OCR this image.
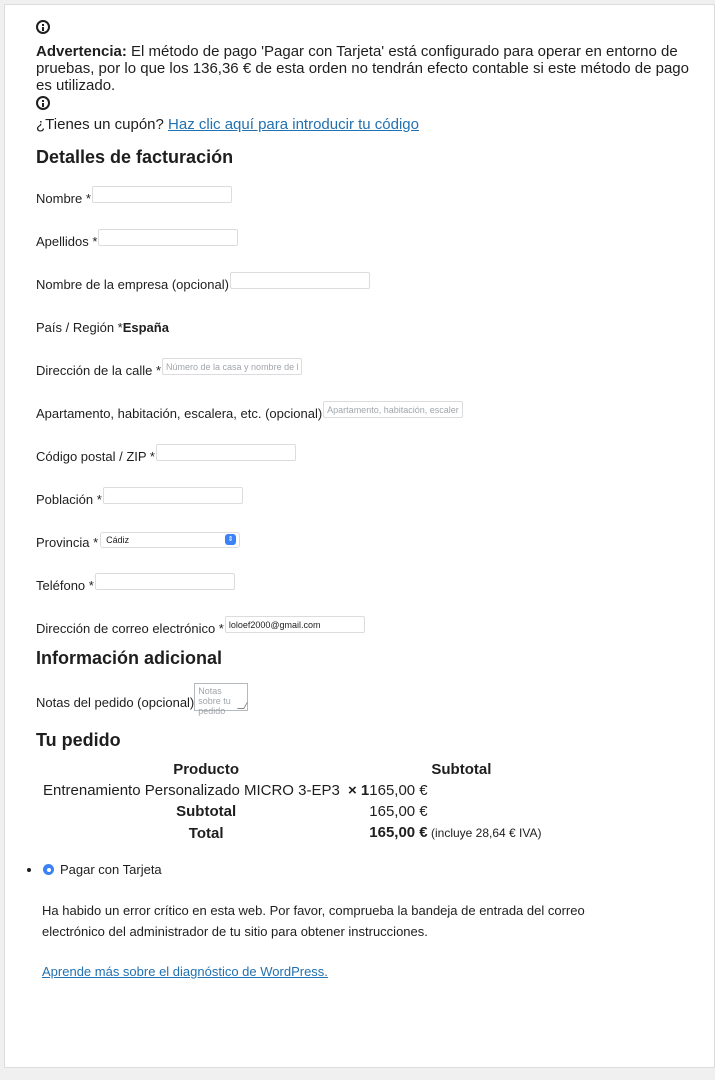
Advertencia: El método de pago 'Pagar con Tarjeta' está configurado para operar en entorno de pruebas, por lo que los 136,36 € de esta orden no tendrán efecto contable si este método de pago es utilizado.
¿Tienes un cupón? Haz clic aquí para introducir tu código
Detalles de facturación
Nombre *
Apellidos *
Nombre de la empresa (opcional)
País / Región * España
Dirección de la calle *
Número de la casa y nombre de la calle
Apartamento, habitación, escalera, etc. (opcional)
Apartamento, habitación, escalera, etc. (opcional)
Código postal / ZIP *
Población *
Provincia * Cádiz	⇕
Teléfono *
Dirección de correo electrónico *
loloef2000@gmail.com
Información adicional
Notas del pedido (opcional)
Notas sobre tu pedido
Tu pedido
Producto	Subtotal
Entrenamiento Personalizado MICRO 3-EP3 × 1	165,00 €
Subtotal	165,00 €
Total	165,00 € (incluye 28,64 € IVA)
Pagar con Tarjeta
Ha habido un error crítico en esta web. Por favor, comprueba la bandeja de entrada del correo electrónico del administrador de tu sitio para obtener instrucciones.
Aprende más sobre el diagnóstico de WordPress.
